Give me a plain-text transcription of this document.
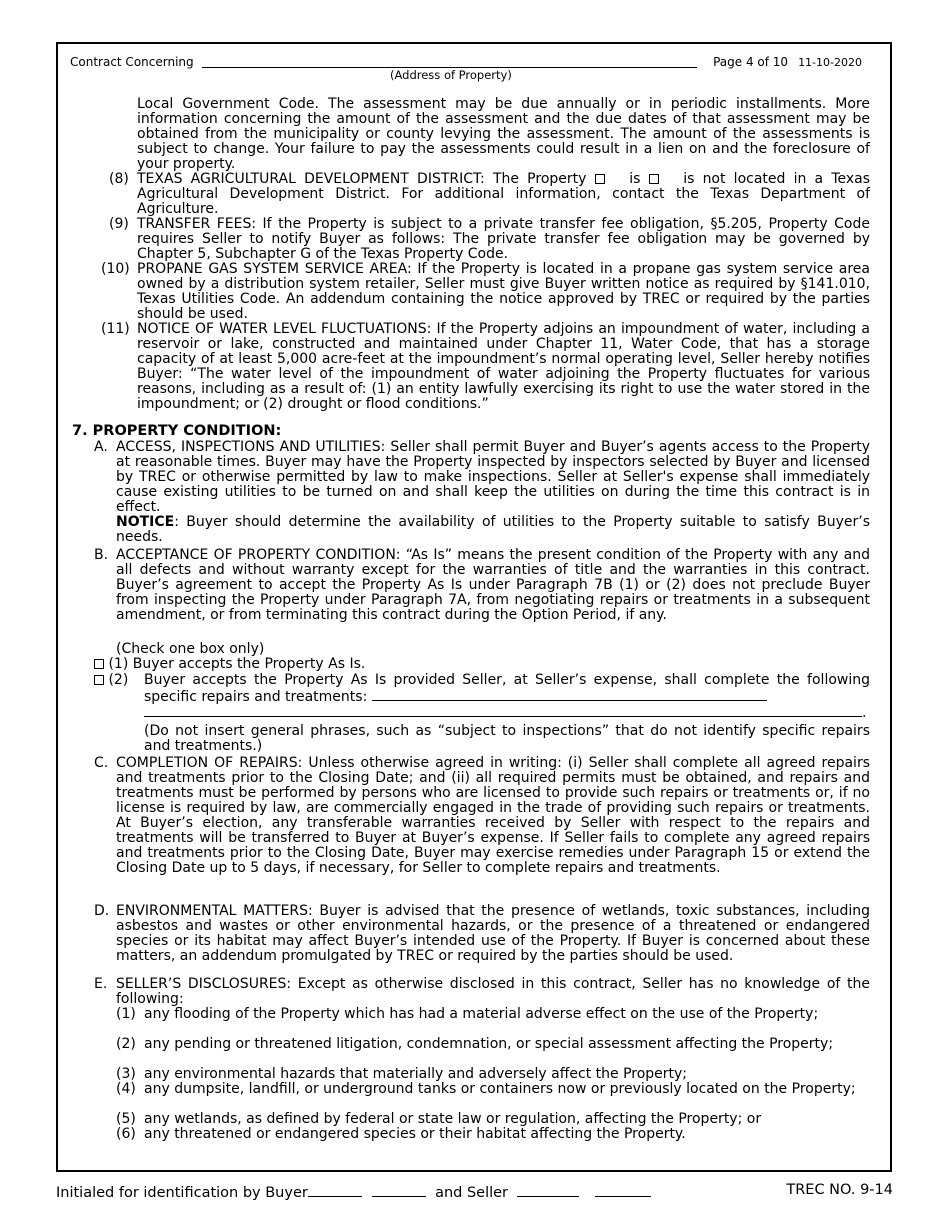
Contract Concerning	Page 4 of 10 11-10-2020
(Address of Property)
Local Government Code. The assessment may be due annually or in periodic installments. More information concerning the amount of the assessment and the due dates of that assessment may be obtained from the municipality or county levying the assessment. The amount of the assessments is subject to change. Your failure to pay the assessments could result in a lien on and the foreclosure of your property.
(8) TEXAS AGRICULTURAL DEVELOPMENT DISTRICT: The Property	is	is not located in a Texas Agricultural Development District. For additional information, contact the Texas Department of Agriculture.
(9) TRANSFER FEES: If the Property is subject to a private transfer fee obligation, §5.205, Property Code requires Seller to notify Buyer as follows: The private transfer fee obligation may be governed by Chapter 5, Subchapter G of the Texas Property Code.
(10) PROPANE GAS SYSTEM SERVICE AREA: If the Property is located in a propane gas system service area owned by a distribution system retailer, Seller must give Buyer written notice as required by §141.010, Texas Utilities Code. An addendum containing the notice approved by TREC or required by the parties should be used.
(11) NOTICE OF WATER LEVEL FLUCTUATIONS: If the Property adjoins an impoundment of water, including a reservoir or lake, constructed and maintained under Chapter 11, Water Code, that has a storage capacity of at least 5,000 acre-feet at the impoundment’s normal operating level, Seller hereby notifies Buyer: “The water level of the impoundment of water adjoining the Property fluctuates for various reasons, including as a result of: (1) an entity lawfully exercising its right to use the water stored in the impoundment; or (2) drought or flood conditions.”
7. PROPERTY CONDITION:
A. ACCESS, INSPECTIONS AND UTILITIES: Seller shall permit Buyer and Buyer’s agents access to the Property at reasonable times. Buyer may have the Property inspected by inspectors selected by Buyer and licensed by TREC or otherwise permitted by law to make inspections. Seller at Seller's expense shall immediately cause existing utilities to be turned on and shall keep the utilities on during the time this contract is in effect.
NOTICE: Buyer should determine the availability of utilities to the Property suitable to satisfy Buyer’s needs.
B. ACCEPTANCE OF PROPERTY CONDITION: “As Is” means the present condition of the Property with any and all defects and without warranty except for the warranties of title and the warranties in this contract. Buyer’s agreement to accept the Property As Is under Paragraph 7B (1) or (2) does not preclude Buyer from inspecting the Property under Paragraph 7A, from negotiating repairs or treatments in a subsequent amendment, or from terminating this contract during the Option Period, if any.
(Check one box only)
(1) Buyer accepts the Property As Is.
(2) Buyer accepts the Property As Is provided Seller, at Seller’s expense, shall complete the following specific repairs and treatments:
.
(Do not insert general phrases, such as “subject to inspections” that do not identify specific repairs and treatments.)
C. COMPLETION OF REPAIRS: Unless otherwise agreed in writing: (i) Seller shall complete all agreed repairs and treatments prior to the Closing Date; and (ii) all required permits must be obtained, and repairs and treatments must be performed by persons who are licensed to provide such repairs or treatments or, if no license is required by law, are commercially engaged in the trade of providing such repairs or treatments. At Buyer’s election, any transferable warranties received by Seller with respect to the repairs and treatments will be transferred to Buyer at Buyer’s expense. If Seller fails to complete any agreed repairs and treatments prior to the Closing Date, Buyer may exercise remedies under Paragraph 15 or extend the Closing Date up to 5 days, if necessary, for Seller to complete repairs and treatments.
D. ENVIRONMENTAL MATTERS: Buyer is advised that the presence of wetlands, toxic substances, including asbestos and wastes or other environmental hazards, or the presence of a threatened or endangered species or its habitat may affect Buyer’s intended use of the Property. If Buyer is concerned about these matters, an addendum promulgated by TREC or required by the parties should be used.
E. SELLER’S DISCLOSURES: Except as otherwise disclosed in this contract, Seller has no knowledge of the following:
(1) any flooding of the Property which has had a material adverse effect on the use of the Property;
(2) any pending or threatened litigation, condemnation, or special assessment affecting the Property;
(3) any environmental hazards that materially and adversely affect the Property;
(4) any dumpsite, landfill, or underground tanks or containers now or previously located on the Property;
(5) any wetlands, as defined by federal or state law or regulation, affecting the Property; or
(6) any threatened or endangered species or their habitat affecting the Property.
Initialed for identification by Buyer	and Seller	TREC NO. 9-14
